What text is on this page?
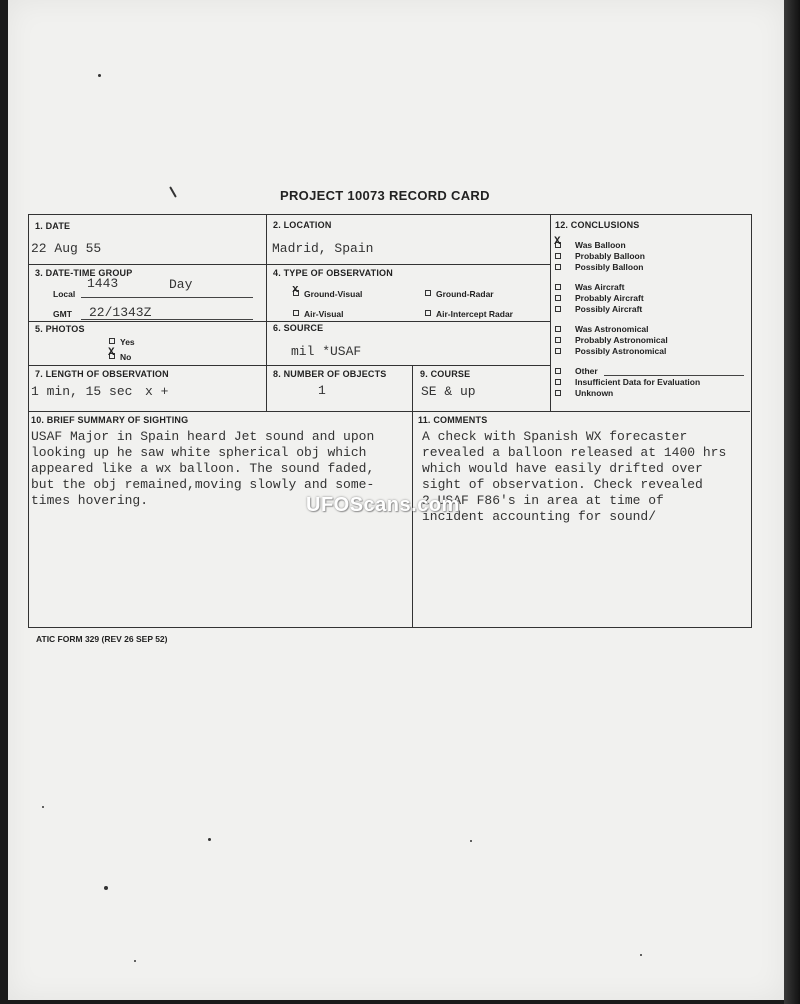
PROJECT 10073 RECORD CARD
1. DATE
22 Aug 55
2. LOCATION
Madrid, Spain
3. DATE-TIME GROUP
Local
1443	Day
GMT 22/1343Z
4. TYPE OF OBSERVATION
x Ground-Visual	Ground-Radar
Air-Visual	Air-Intercept Radar
5. PHOTOS
Yes
X No
6. SOURCE
mil *USAF
7. LENGTH OF OBSERVATION
1 min, 15 sec x +
8. NUMBER OF OBJECTS
1
9. COURSE
SE & up
12. CONCLUSIONS
X Was Balloon
Probably Balloon
Possibly Balloon
Was Aircraft
Probably Aircraft
Possibly Aircraft
Was Astronomical
Probably Astronomical
Possibly Astronomical
Other
Insufficient Data for Evaluation
Unknown
10. BRIEF SUMMARY OF SIGHTING
USAF Major in Spain heard Jet sound and upon
looking up he saw white spherical obj which
appeared like a wx balloon. The sound faded,
but the obj remained,moving slowly and some-
times hovering.
11. COMMENTS
A check with Spanish WX forecaster
revealed a balloon released at 1400 hrs
which would have easily drifted over
sight of observation. Check revealed
2 USAF F86's in area at time of
incident accounting for sound/
UFOScans.com
ATIC FORM 329 (REV 26 SEP 52)
